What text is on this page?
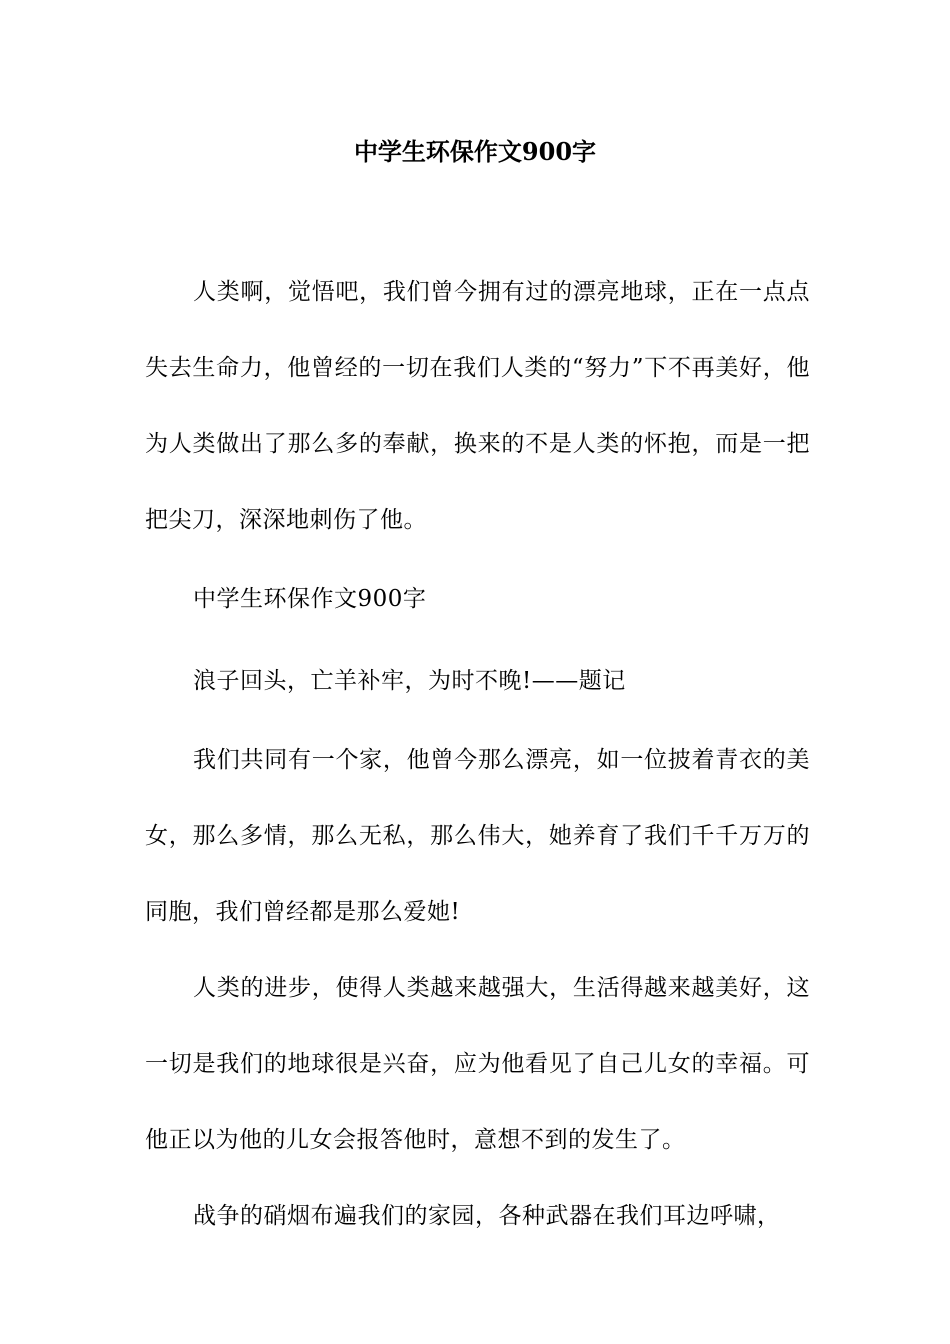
中学生环保作文900字

人类啊，觉悟吧，我们曾今拥有过的漂亮地球，正在一点点失去生命力，他曾经的一切在我们人类的“努力”下不再美好，他为人类做出了那么多的奉献，换来的不是人类的怀抱，而是一把把尖刀，深深地刺伤了他。

中学生环保作文900字

浪子回头，亡羊补牢，为时不晚!——题记

我们共同有一个家，他曾今那么漂亮，如一位披着青衣的美女，那么多情，那么无私，那么伟大，她养育了我们千千万万的同胞，我们曾经都是那么爱她!

人类的进步，使得人类越来越强大，生活得越来越美好，这一切是我们的地球很是兴奋，应为他看见了自己儿女的幸福。可他正以为他的儿女会报答他时，意想不到的发生了。

战争的硝烟布遍我们的家园，各种武器在我们耳边呼啸，
